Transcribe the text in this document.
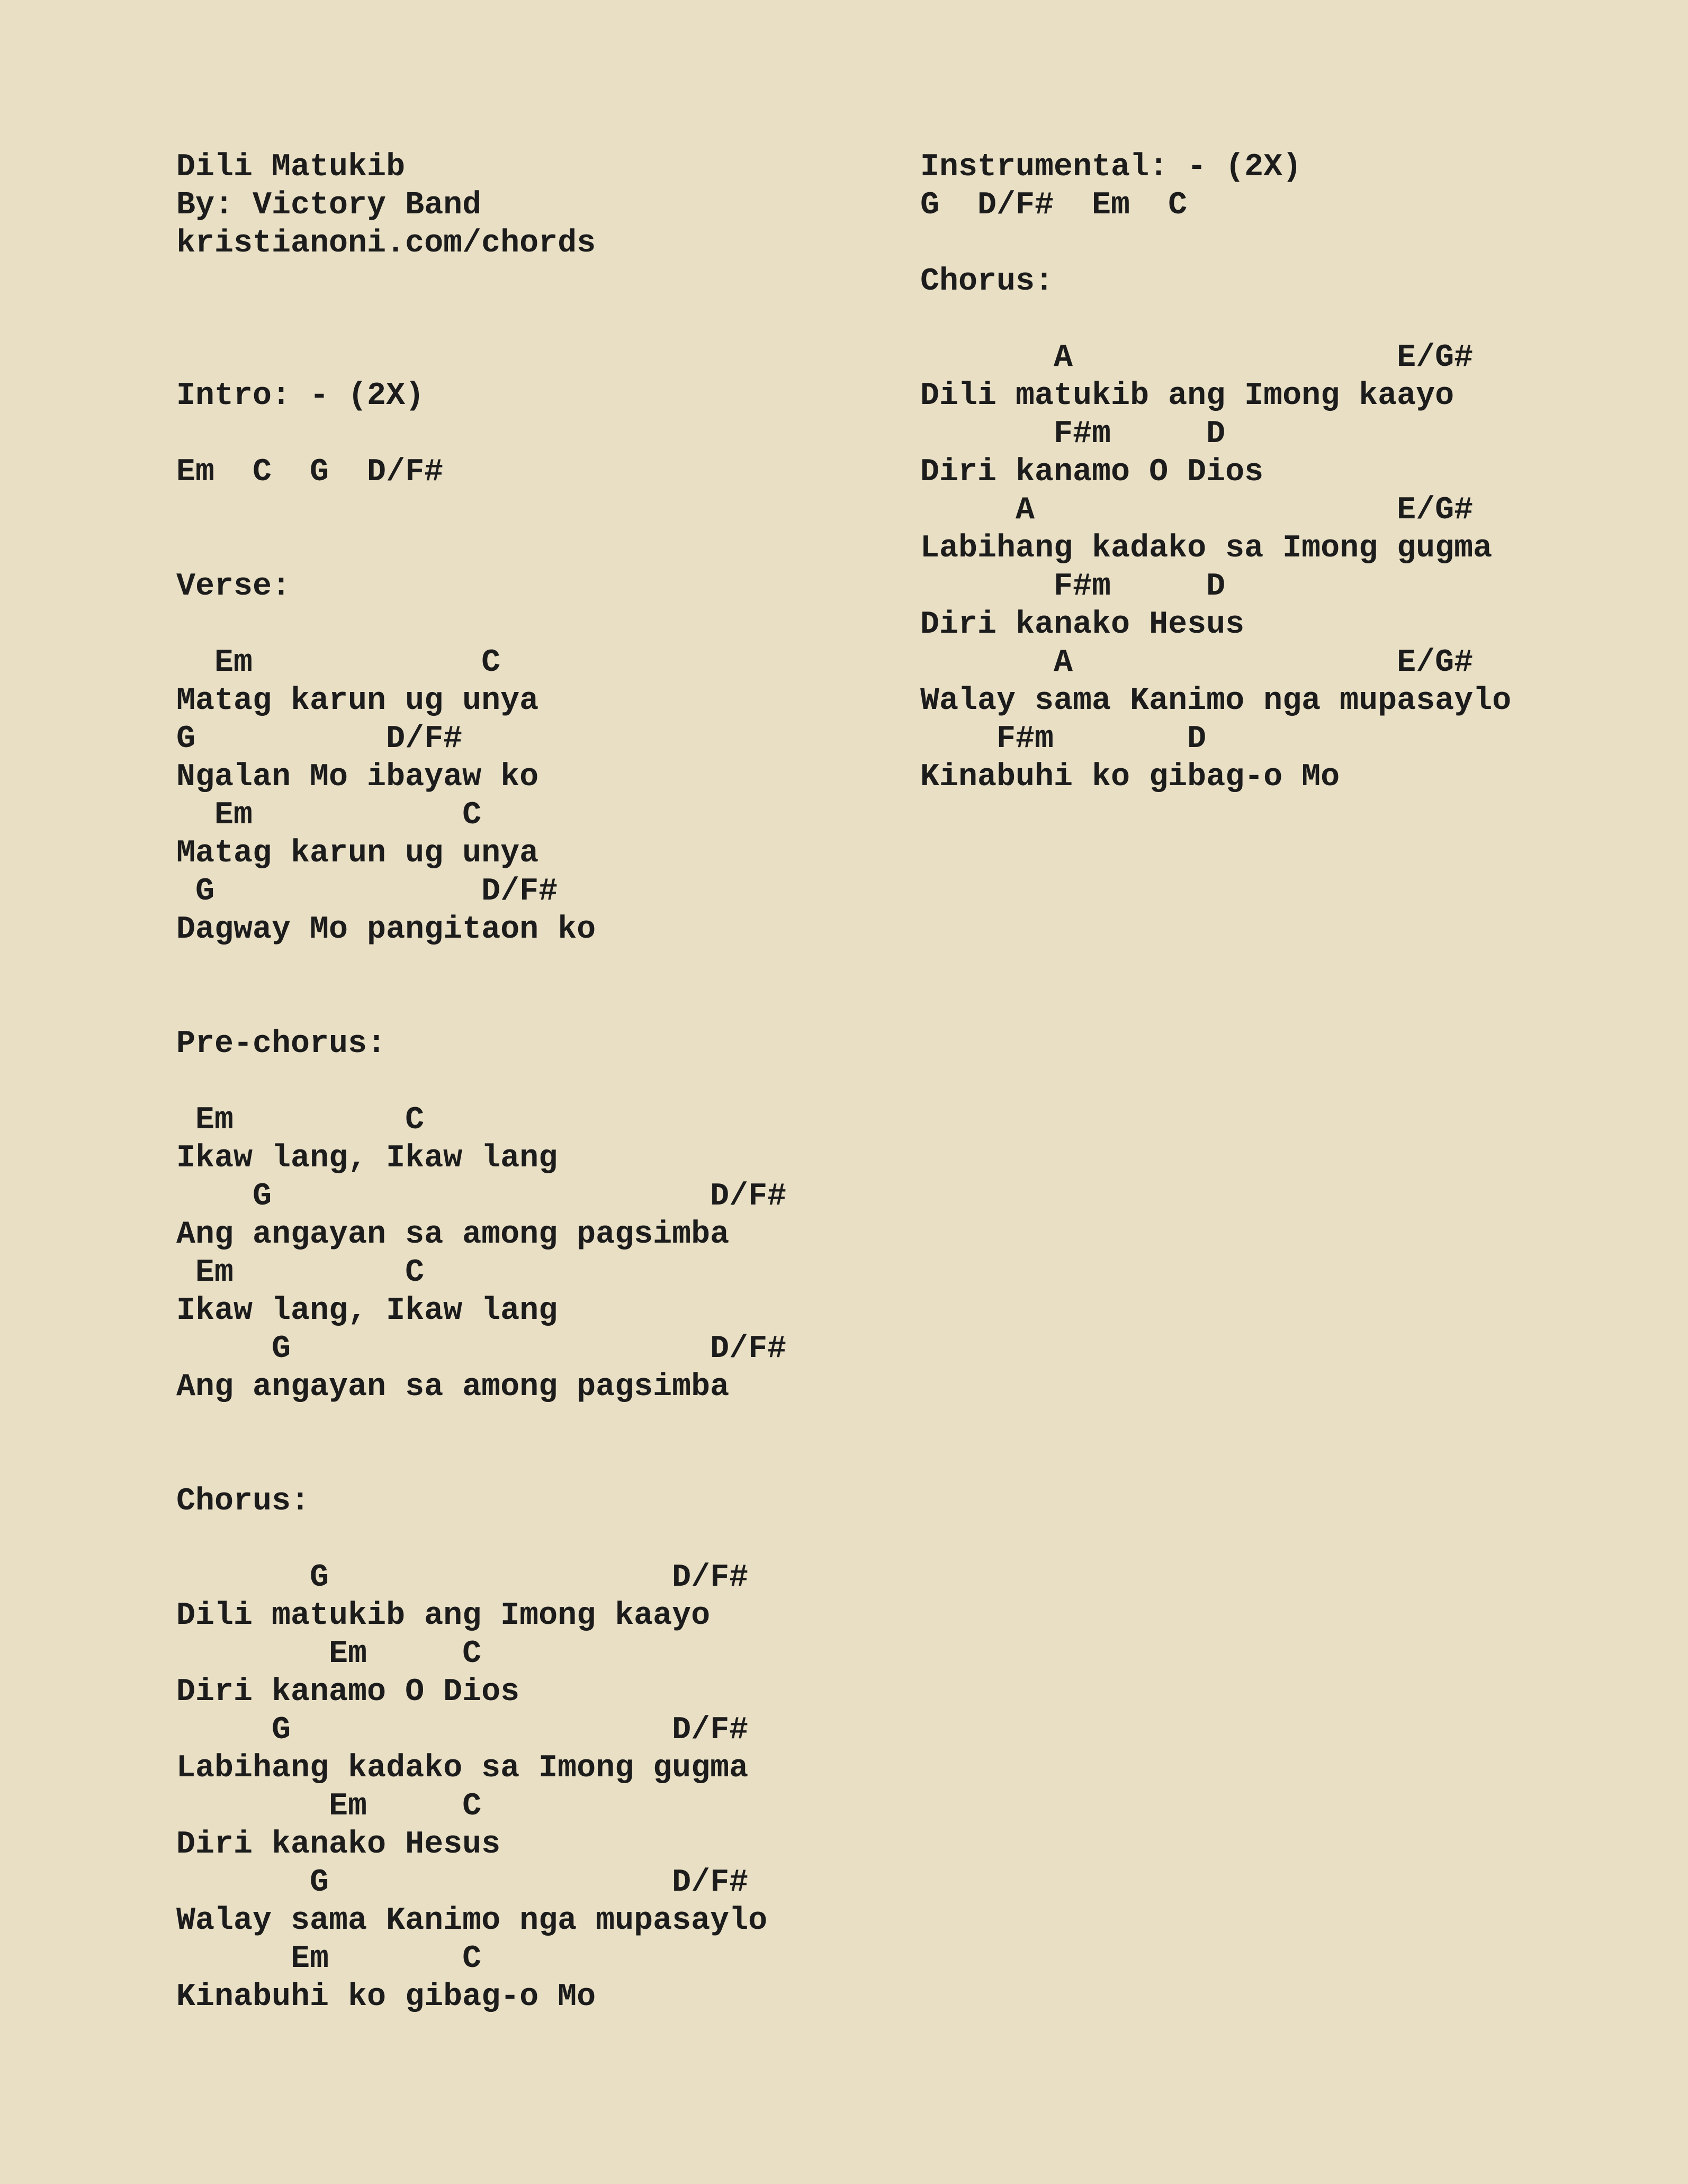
Dili Matukib
By: Victory Band
kristianoni.com/chords
Intro: - (2X)
Em  C  G  D/F#
Verse:
Em            C
Matag karun ug unya
G          D/F#
Ngalan Mo ibayaw ko
Em           C
Matag karun ug unya
G              D/F#
Dagway Mo pangitaon ko
Pre-chorus:
Em         C
Ikaw lang, Ikaw lang
G                       D/F#
Ang angayan sa among pagsimba
Em         C
Ikaw lang, Ikaw lang
G                      D/F#
Ang angayan sa among pagsimba
Chorus:
G                  D/F#
Dili matukib ang Imong kaayo
Em     C
Diri kanamo O Dios
G                    D/F#
Labihang kadako sa Imong gugma
Em     C
Diri kanako Hesus
G                  D/F#
Walay sama Kanimo nga mupasaylo
Em       C
Kinabuhi ko gibag-o Mo
Instrumental: - (2X)
G  D/F#  Em  C
Chorus:
A                 E/G#
Dili matukib ang Imong kaayo
F#m     D
Diri kanamo O Dios
A                   E/G#
Labihang kadako sa Imong gugma
F#m     D
Diri kanako Hesus
A                 E/G#
Walay sama Kanimo nga mupasaylo
F#m       D
Kinabuhi ko gibag-o Mo
